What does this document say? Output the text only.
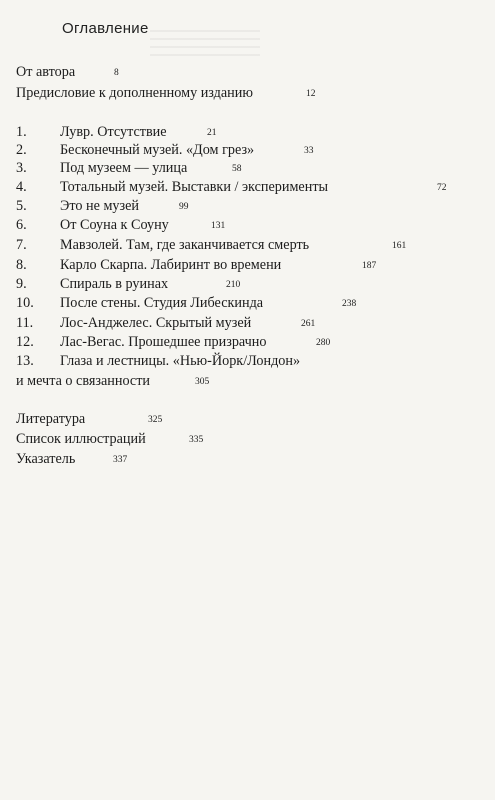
Оглавление
От автора	8
Предисловие к дополненному изданию	12
1. Лувр. Отсутствие	21
2. Бесконечный музей. «Дом грез»	33
3. Под музеем — улица	58
4. Тотальный музей. Выставки / эксперименты	72
5. Это не музей	99
6. От Соуна к Соуну	131
7. Мавзолей. Там, где заканчивается смерть	161
8. Карло Скарпа. Лабиринт во времени	187
9. Спираль в руинах	210
10. После стены. Студия Либескинда	238
11. Лос-Анджелес. Скрытый музей	261
12. Лас-Вегас. Прошедшее призрачно	280
13. Глаза и лестницы. «Нью-Йорк/Лондон»
и мечта о связанности	305
Литература	325
Список иллюстраций	335
Указатель	337
